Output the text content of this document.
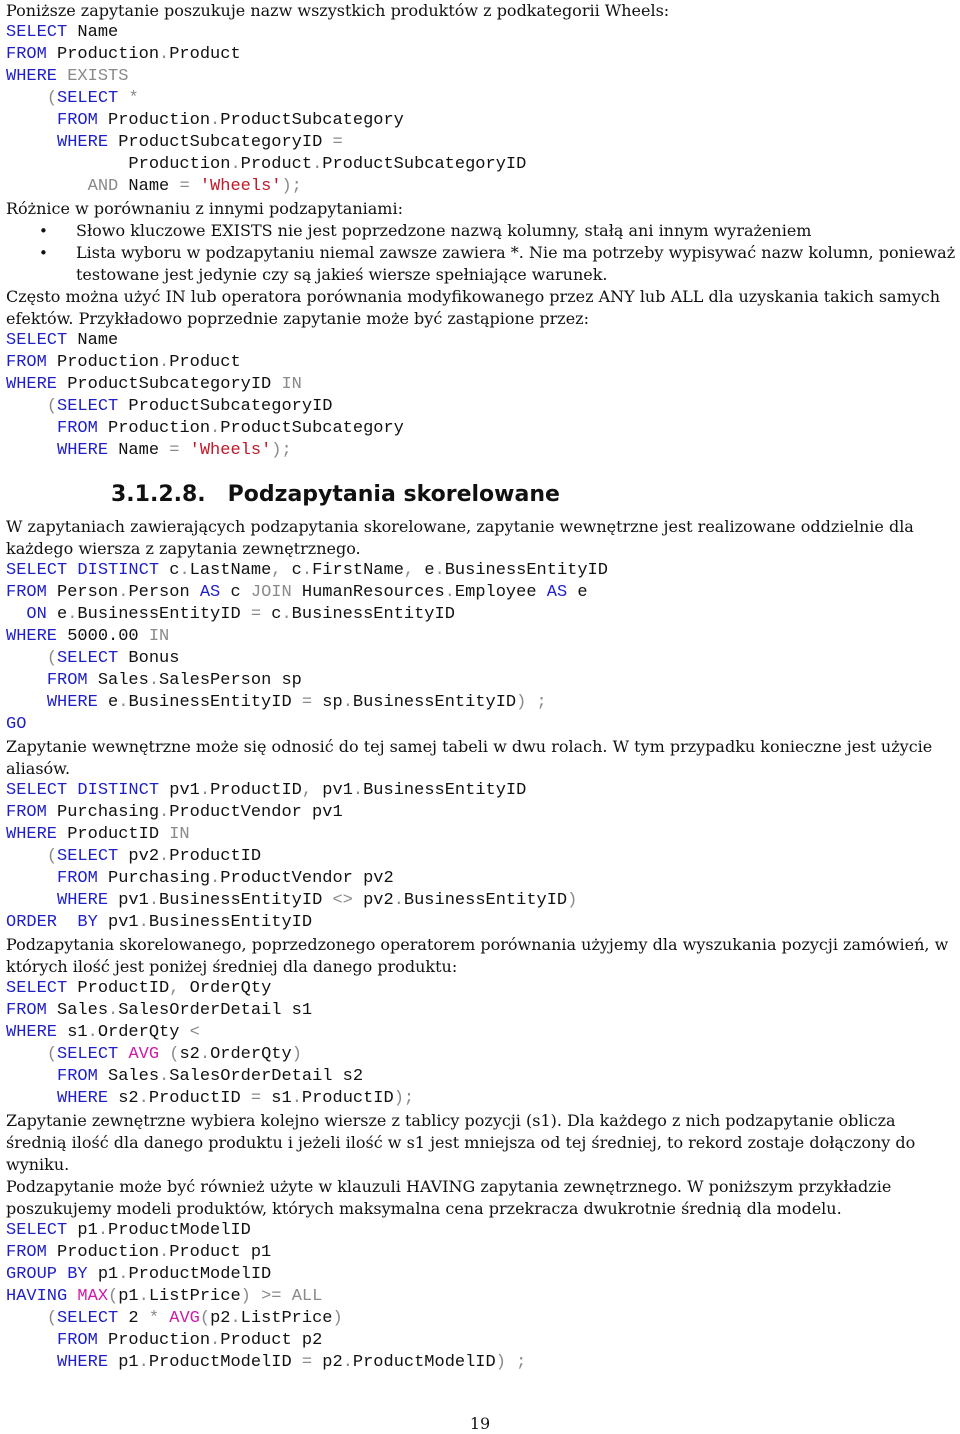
Poniższe zapytanie poszukuje nazw wszystkich produktów z podkategorii Wheels:

SELECT Name
FROM Production.Product
WHERE EXISTS
(SELECT *
FROM Production.ProductSubcategory
WHERE ProductSubcategoryID =
Production.Product.ProductSubcategoryID
AND Name = 'Wheels');

Różnice w porównaniu z innymi podzapytaniami:

• Słowo kluczowe EXISTS nie jest poprzedzone nazwą kolumny, stałą ani innym wyrażeniem
• Lista wyboru w podzapytaniu niemal zawsze zawiera *. Nie ma potrzeby wypisywać nazw kolumn, ponieważ testowane jest jedynie czy są jakieś wiersze spełniające warunek.

Często można użyć IN lub operatora porównania modyfikowanego przez ANY lub ALL dla uzyskania takich samych efektów. Przykładowo poprzednie zapytanie może być zastąpione przez:

SELECT Name
FROM Production.Product
WHERE ProductSubcategoryID IN
(SELECT ProductSubcategoryID
FROM Production.ProductSubcategory
WHERE Name = 'Wheels');
3.1.2.8. Podzapytania skorelowane

W zapytaniach zawierających podzapytania skorelowane, zapytanie wewnętrzne jest realizowane oddzielnie dla każdego wiersza z zapytania zewnętrznego.

SELECT DISTINCT c.LastName, c.FirstName, e.BusinessEntityID
FROM Person.Person AS c JOIN HumanResources.Employee AS e
ON e.BusinessEntityID = c.BusinessEntityID
WHERE 5000.00 IN
(SELECT Bonus
FROM Sales.SalesPerson sp
WHERE e.BusinessEntityID = sp.BusinessEntityID) ;
GO

Zapytanie wewnętrzne może się odnosić do tej samej tabeli w dwu rolach. W tym przypadku konieczne jest użycie aliasów.

SELECT DISTINCT pv1.ProductID, pv1.BusinessEntityID
FROM Purchasing.ProductVendor pv1
WHERE ProductID IN
(SELECT pv2.ProductID
FROM Purchasing.ProductVendor pv2
WHERE pv1.BusinessEntityID <> pv2.BusinessEntityID)
ORDER BY pv1.BusinessEntityID

Podzapytania skorelowanego, poprzedzonego operatorem porównania użyjemy dla wyszukania pozycji zamówień, w których ilość jest poniżej średniej dla danego produktu:

SELECT ProductID, OrderQty
FROM Sales.SalesOrderDetail s1
WHERE s1.OrderQty <
(SELECT AVG (s2.OrderQty)
FROM Sales.SalesOrderDetail s2
WHERE s2.ProductID = s1.ProductID);

Zapytanie zewnętrzne wybiera kolejno wiersze z tablicy pozycji (s1). Dla każdego z nich podzapytanie oblicza średnią ilość dla danego produktu i jeżeli ilość w s1 jest mniejsza od tej średniej, to rekord zostaje dołączony do wyniku.

Podzapytanie może być również użyte w klauzuli HAVING zapytania zewnętrznego. W poniższym przykładzie poszukujemy modeli produktów, których maksymalna cena przekracza dwukrotnie średnią dla modelu.

SELECT p1.ProductModelID
FROM Production.Product p1
GROUP BY p1.ProductModelID
HAVING MAX(p1.ListPrice) >= ALL
(SELECT 2 * AVG(p2.ListPrice)
FROM Production.Product p2
WHERE p1.ProductModelID = p2.ProductModelID) ;
19
